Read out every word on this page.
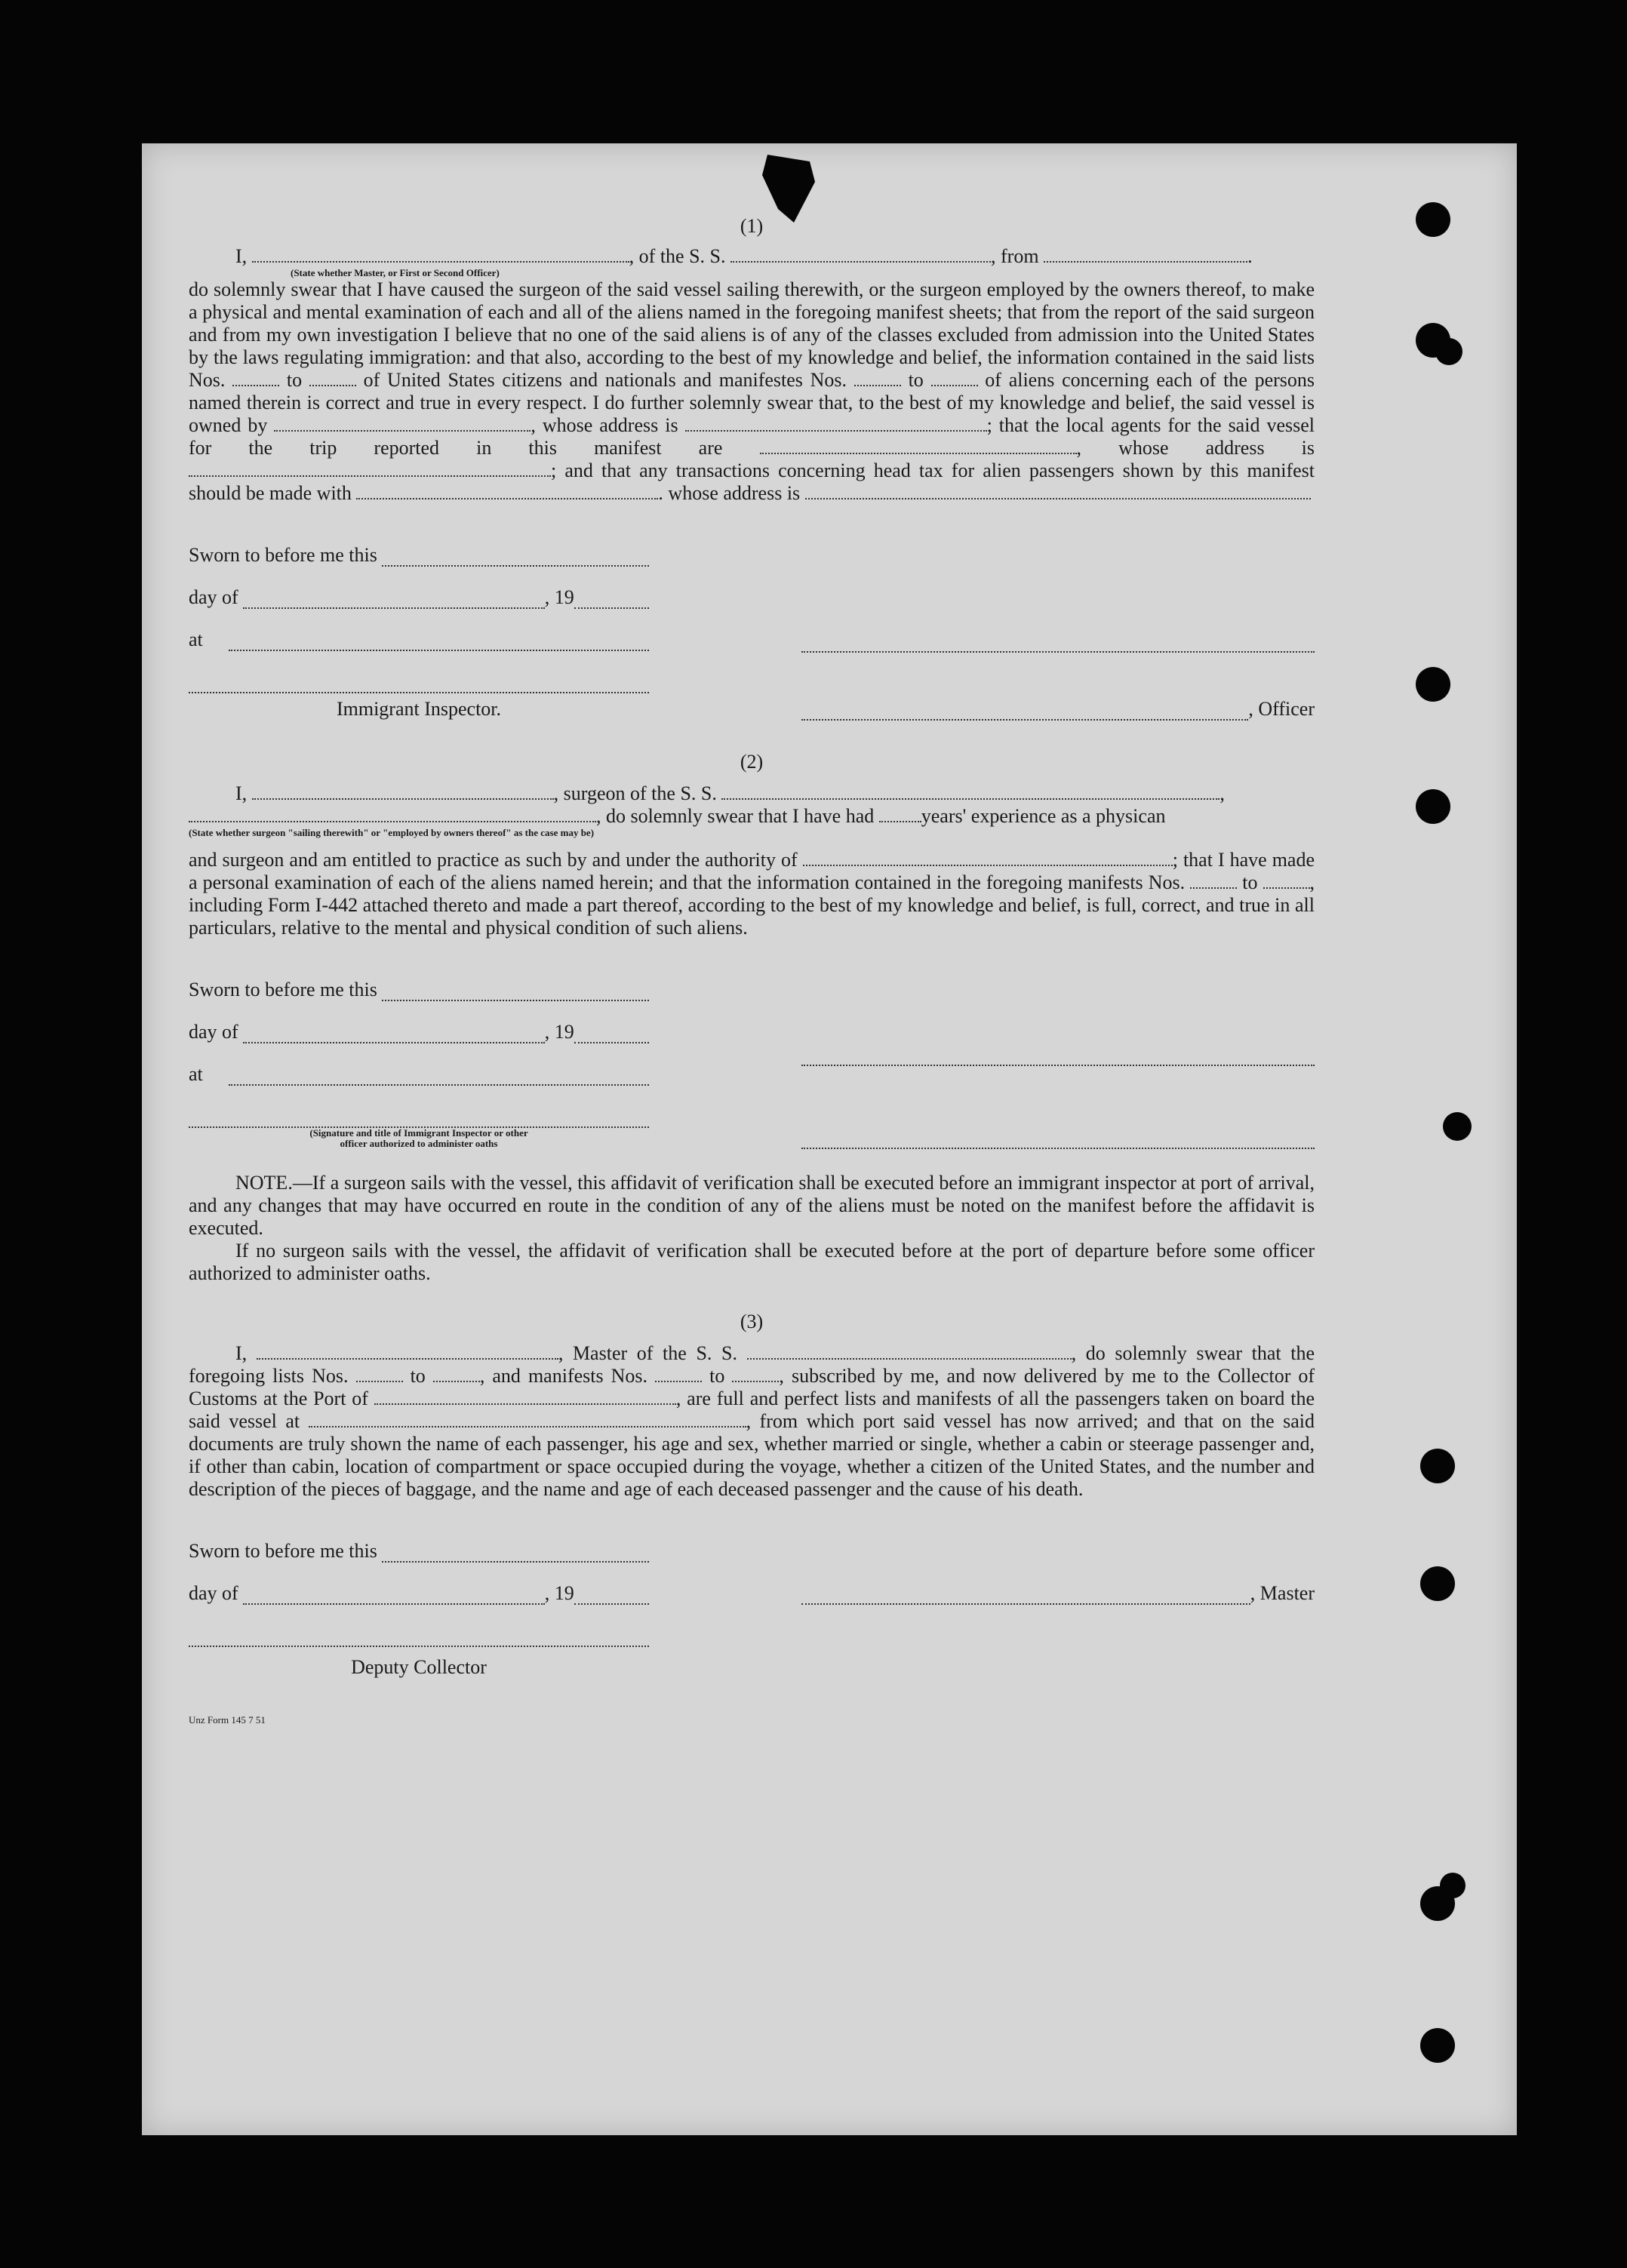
(1)
I,	, of the S. S.	, from	.
(State whether Master, or First or Second Officer)

do solemnly swear that I have caused the surgeon of the said vessel sailing therewith, or the surgeon employed by the owners thereof, to make a physical and mental examination of each and all of the aliens named in the foregoing manifest sheets; that from the report of the said surgeon and from my own investigation I believe that no one of the said aliens is of any of the classes excluded from admission into the United States by the laws regulating immigration: and that also, according to the best of my knowledge and belief, the information contained in the said lists Nos.	to	of United States citizens and nationals and manifestes Nos.	to	of aliens concerning each of the persons named therein is correct and true in every respect. I do further solemnly swear that, to the best of my knowledge and belief, the said vessel is owned by	, whose address is	; that the local agents for the said vessel for the trip reported in this manifest are	, whose address is ; and that any transactions concerning head tax for alien passengers shown by this manifest should be made with	. whose address is

Sworn to before me this
day of	, 19
at
Immigrant Inspector.	, Officer
(2)
I,	, surgeon of the S. S.	,
, do solemnly swear that I have had years' experience as a physican
(State whether surgeon "sailing therewith" or "employed by owners thereof" as the case may be)

and surgeon and am entitled to practice as such by and under the authority of	; that I have made a personal examination of each of the aliens named herein; and that the information contained in the foregoing manifests Nos.	to	, including Form I-442 attached thereto and made a part thereof, according to the best of my knowledge and belief, is full, correct, and true in all particulars, relative to the mental and physical condition of such aliens.

Sworn to before me this
day of	, 19
at
(Signature and title of Immigrant Inspector or other
officer authorized to administer oaths

NOTE.—If a surgeon sails with the vessel, this affidavit of verification shall be executed before an immigrant inspector at port of arrival, and any changes that may have occurred en route in the condition of any of the aliens must be noted on the manifest before the affidavit is executed.

If no surgeon sails with the vessel, the affidavit of verification shall be executed before at the port of departure before some officer authorized to administer oaths.

(3)

I,	, Master of the S. S.	, do solemnly swear that the foregoing lists Nos.	to	, and manifests Nos.	to	, subscribed by me, and now delivered by me to the Collector of Customs at the Port of	, are full and perfect lists and manifests of all the passengers taken on board the said vessel at	, from which port said vessel has now arrived; and that on the said documents are truly shown the name of each passenger, his age and sex, whether married or single, whether a cabin or steerage passenger and, if other than cabin, location of compartment or space occupied during the voyage, whether a citizen of the United States, and the number and description of the pieces of baggage, and the name and age of each deceased passenger and the cause of his death.

Sworn to before me this
day of	, 19
Deputy Collector
, Master
Unz Form 145 7 51
